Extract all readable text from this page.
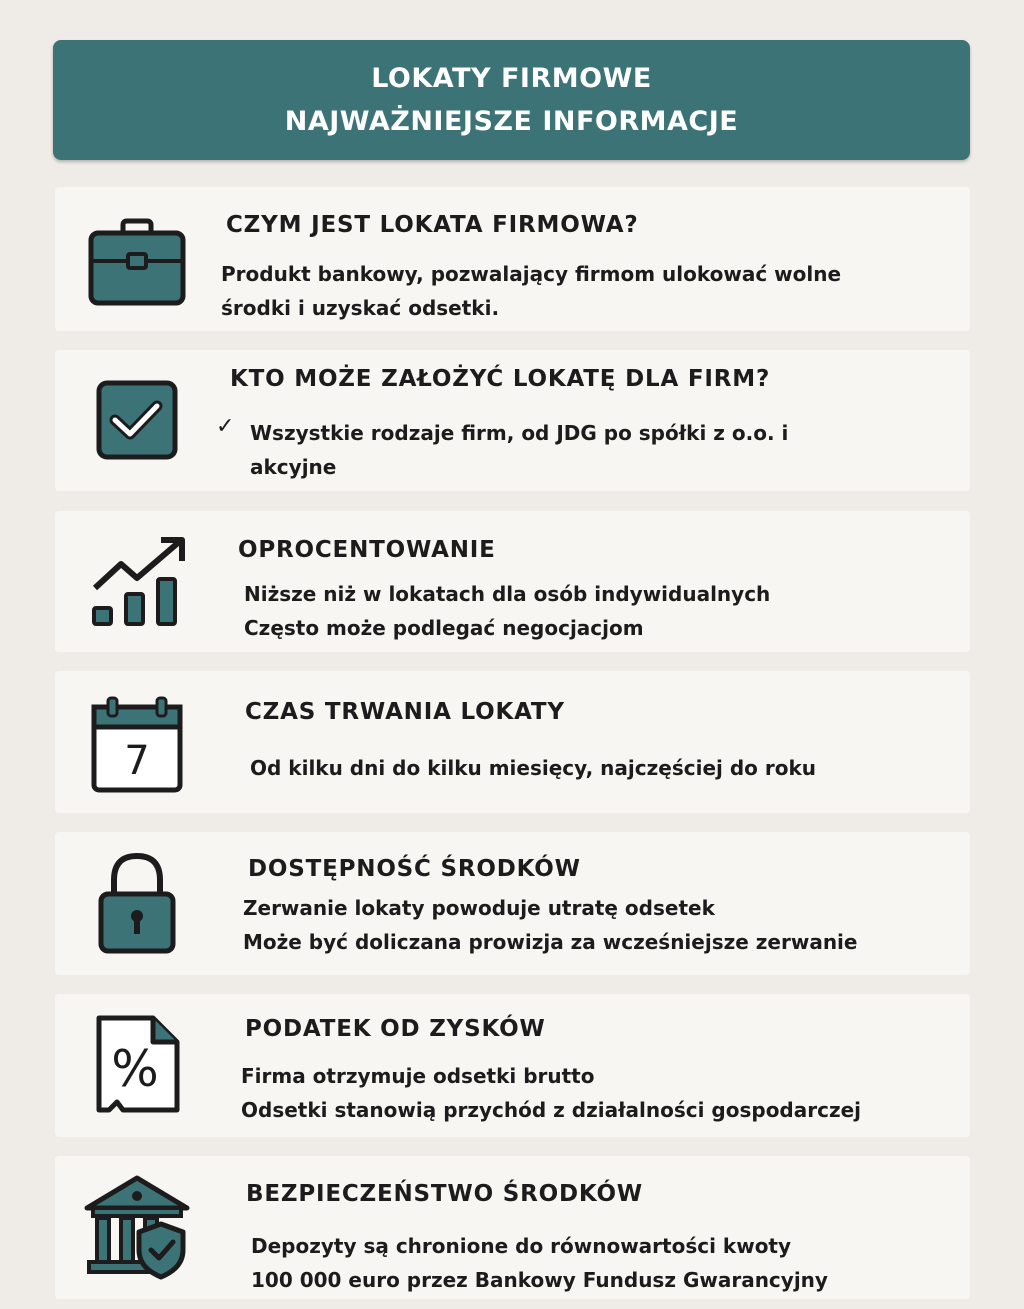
LOKATY FIRMOWE
NAJWAŻNIEJSZE INFORMACJE
CZYM JEST LOKATA FIRMOWA?
Produkt bankowy, pozwalający firmom ulokować wolne
środki i uzyskać odsetki.
KTO MOŻE ZAŁOŻYĆ LOKATĘ DLA FIRM?
✓ Wszystkie rodzaje firm, od JDG po spółki z o.o. i
akcyjne
OPROCENTOWANIE
Niższe niż w lokatach dla osób indywidualnych
Często może podlegać negocjacjom
7
CZAS TRWANIA LOKATY
Od kilku dni do kilku miesięcy, najczęściej do roku
DOSTĘPNOŚĆ ŚRODKÓW
Zerwanie lokaty powoduje utratę odsetek
Może być doliczana prowizja za wcześniejsze zerwanie
%
PODATEK OD ZYSKÓW
Firma otrzymuje odsetki brutto
Odsetki stanowią przychód z działalności gospodarczej
BEZPIECZEŃSTWO ŚRODKÓW
Depozyty są chronione do równowartości kwoty
100 000 euro przez Bankowy Fundusz Gwarancyjny
